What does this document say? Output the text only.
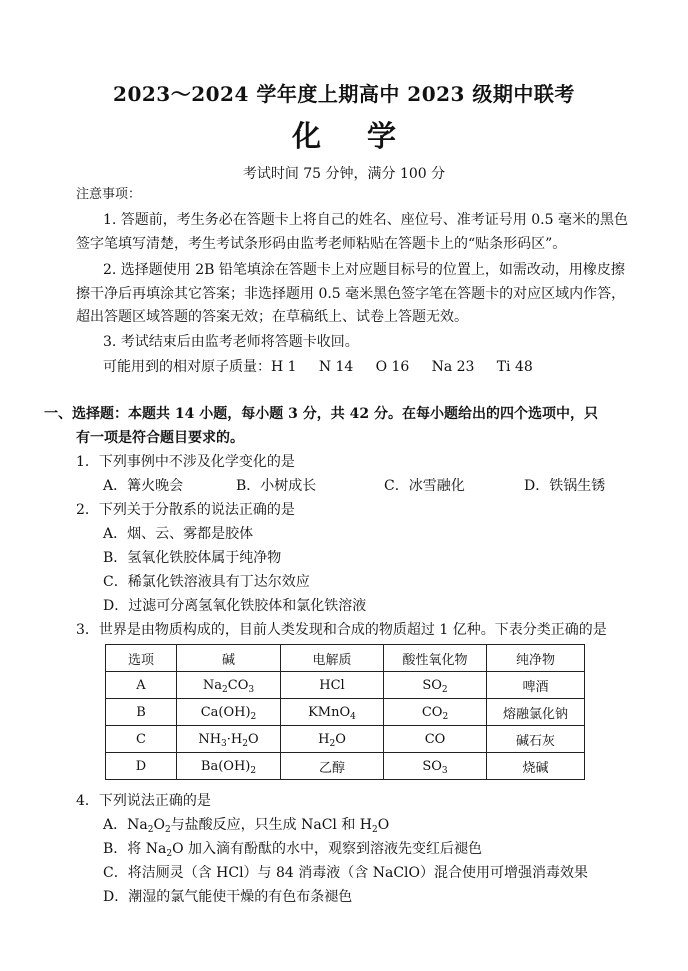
2023～2024 学年度上期高中 2023 级期中联考
化 学
考试时间 75 分钟，满分 100 分
注意事项：
1. 答题前，考生务必在答题卡上将自己的姓名、座位号、准考证号用 0.5 毫米的黑色
签字笔填写清楚，考生考试条形码由监考老师粘贴在答题卡上的“贴条形码区”。
2. 选择题使用 2B 铅笔填涂在答题卡上对应题目标号的位置上，如需改动，用橡皮擦
擦干净后再填涂其它答案；非选择题用 0.5 毫米黑色签字笔在答题卡的对应区域内作答，
超出答题区域答题的答案无效；在草稿纸上、试卷上答题无效。
3. 考试结束后由监考老师将答题卡收回。
可能用到的相对原子质量：H 1     N 14     O 16     Na 23     Ti 48
一、选择题：本题共 14 小题，每小题 3 分，共 42 分。在每小题给出的四个选项中，只
有一项是符合题目要求的。
1．下列事例中不涉及化学变化的是
A．篝火晚会	B．小树成长	C．冰雪融化	D．铁锅生锈
2．下列关于分散系的说法正确的是
A．烟、云、雾都是胶体
B．氢氧化铁胶体属于纯净物
C．稀氯化铁溶液具有丁达尔效应
D．过滤可分离氢氧化铁胶体和氯化铁溶液
3．世界是由物质构成的，目前人类发现和合成的物质超过 1 亿种。下表分类正确的是
选项	碱	电解质	酸性氧化物	纯净物
A	$Na_2CO_3$	HCl	$SO_2$	啤酒
B	$Ca(OH)_2$	KMnO$_4$	$CO_2$	熔融氯化钠
C	$NH_3\cdot H_2O$	$H_2O$	CO	碱石灰
D	$Ba(OH)_2$	乙醇	$SO_3$	烧碱
4．下列说法正确的是
A．$Na_2O_2$与盐酸反应，只生成 NaCl 和 $H_2O$
B．将 $Na_2O$ 加入滴有酚酞的水中，观察到溶液先变红后褪色
C．将洁厕灵（含 HCl）与 84 消毒液（含 NaClO）混合使用可增强消毒效果
D．潮湿的氯气能使干燥的有色布条褪色
